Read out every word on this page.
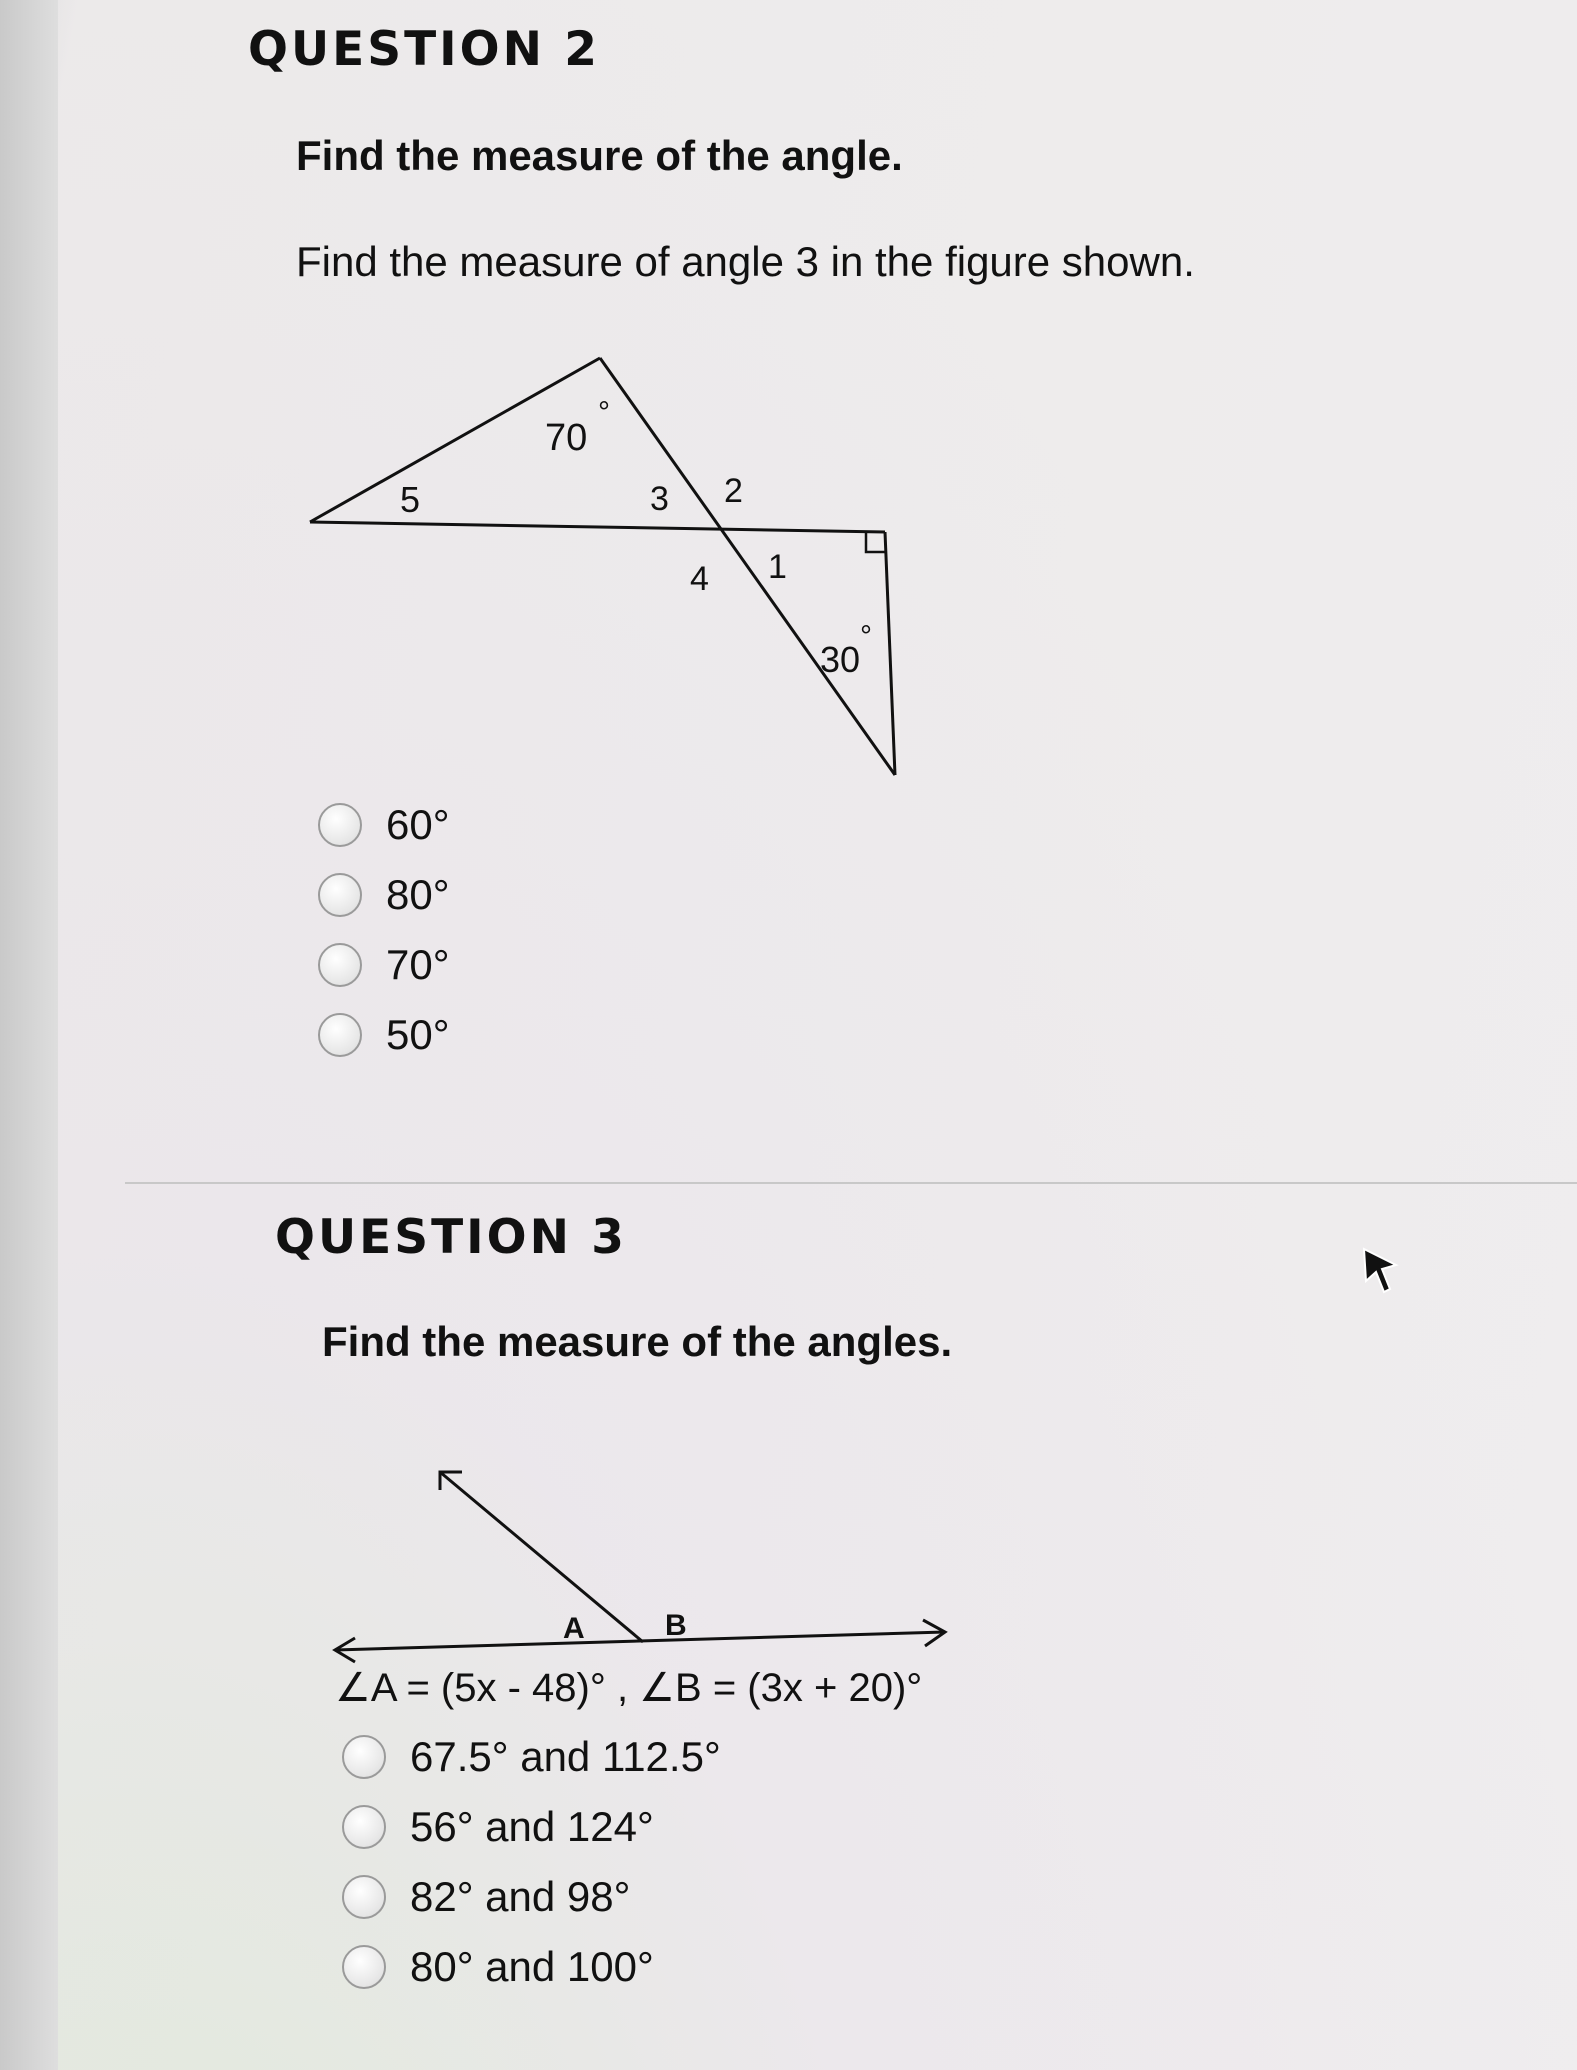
QUESTION 2

Find the measure of the angle.

Find the measure of angle 3 in the figure shown.

70
°
5	3 2
4 1
30
°
60°
80°
70°
50°
QUESTION 3

Find the measure of the angles.

A	B

∠A = (5x - 48)° , ∠B = (3x + 20)°

67.5° and 112.5°
56° and 124°
82° and 98°
80° and 100°
